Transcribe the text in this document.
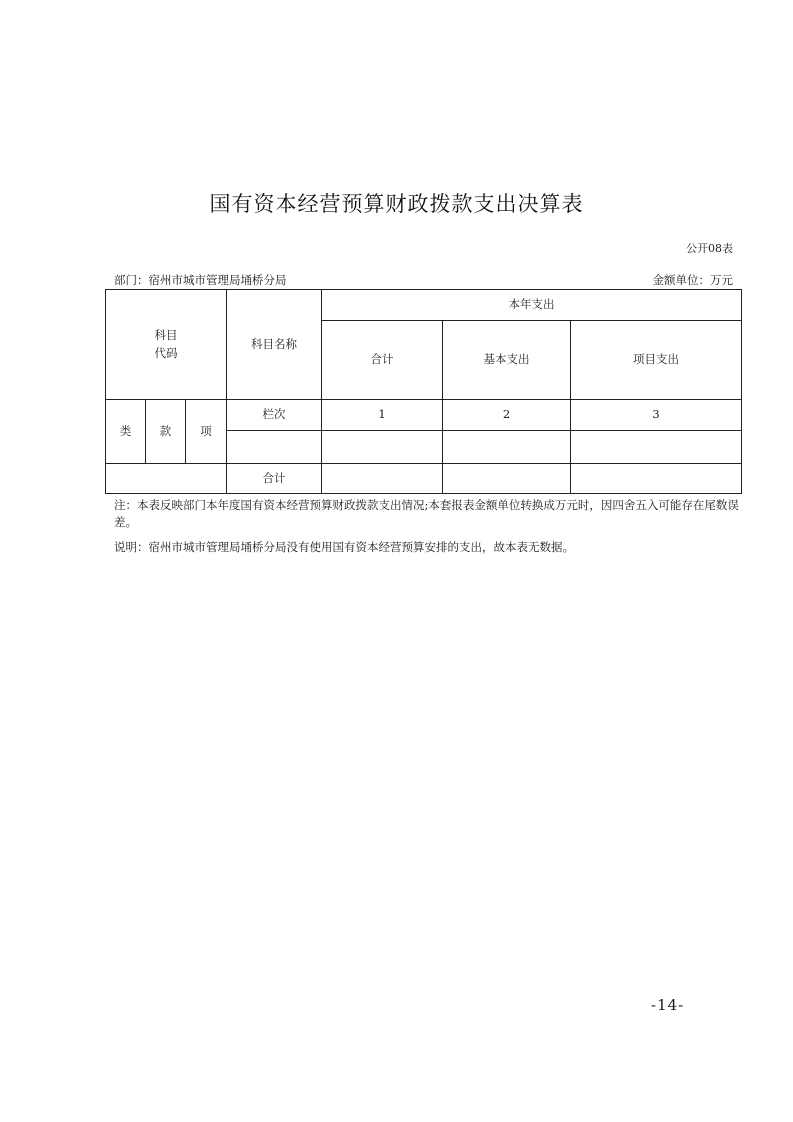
国有资本经营预算财政拨款支出决算表
公开08表
部门：宿州市城市管理局埇桥分局	金额单位：万元
科目
代码			科目名称	本年支出		
				合计	基本支出	项目支出
类	款	项	栏次	1	2	3

			合计			
注：本表反映部门本年度国有资本经营预算财政拨款支出情况;本套报表金额单位转换成万元时，因四舍五入可能存在尾数误差。
说明：宿州市城市管理局埇桥分局没有使用国有资本经营预算安排的支出，故本表无数据。
-14-
